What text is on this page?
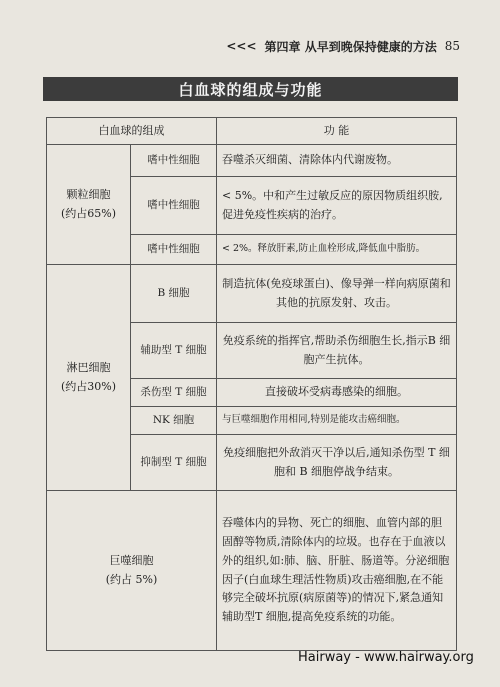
<<< 第四章 从早到晚保持健康的方法 85
白血球的组成与功能
白血球的组成		功 能
颗粒细胞
(约占65%)	嗜中性细胞	吞噬杀灭细菌、清除体内代谢废物。
	嗜中性细胞	< 5%。中和产生过敏反应的原因物质组织胺,促进免疫性疾病的治疗。
	嗜中性细胞	< 2%。释放肝素,防止血栓形成,降低血中脂肪。
淋巴细胞
(约占30%)	B 细胞	制造抗体(免疫球蛋白)、像导弹一样向病原菌和其他的抗原发射、攻击。
	辅助型 T 细胞	免疫系统的指挥官,帮助杀伤细胞生长,指示B 细胞产生抗体。
	杀伤型 T 细胞	直接破坏受病毒感染的细胞。
	NK 细胞	与巨噬细胞作用相同,特别是能攻击癌细胞。
	抑制型 T 细胞	免疫细胞把外敌消灭干净以后,通知杀伤型 T 细胞和 B 细胞停战争结束。
巨噬细胞
(约占 5%)		吞噬体内的异物、死亡的细胞、血管内部的胆固醇等物质,清除体内的垃圾。也存在于血液以外的组织,如:肺、脑、肝脏、肠道等。分泌细胞因子(白血球生理活性物质)攻击癌细胞,在不能够完全破坏抗原(病原菌等)的情况下,紧急通知辅助型T 细胞,提高免疫系统的功能。
Hairway - www.hairway.org
